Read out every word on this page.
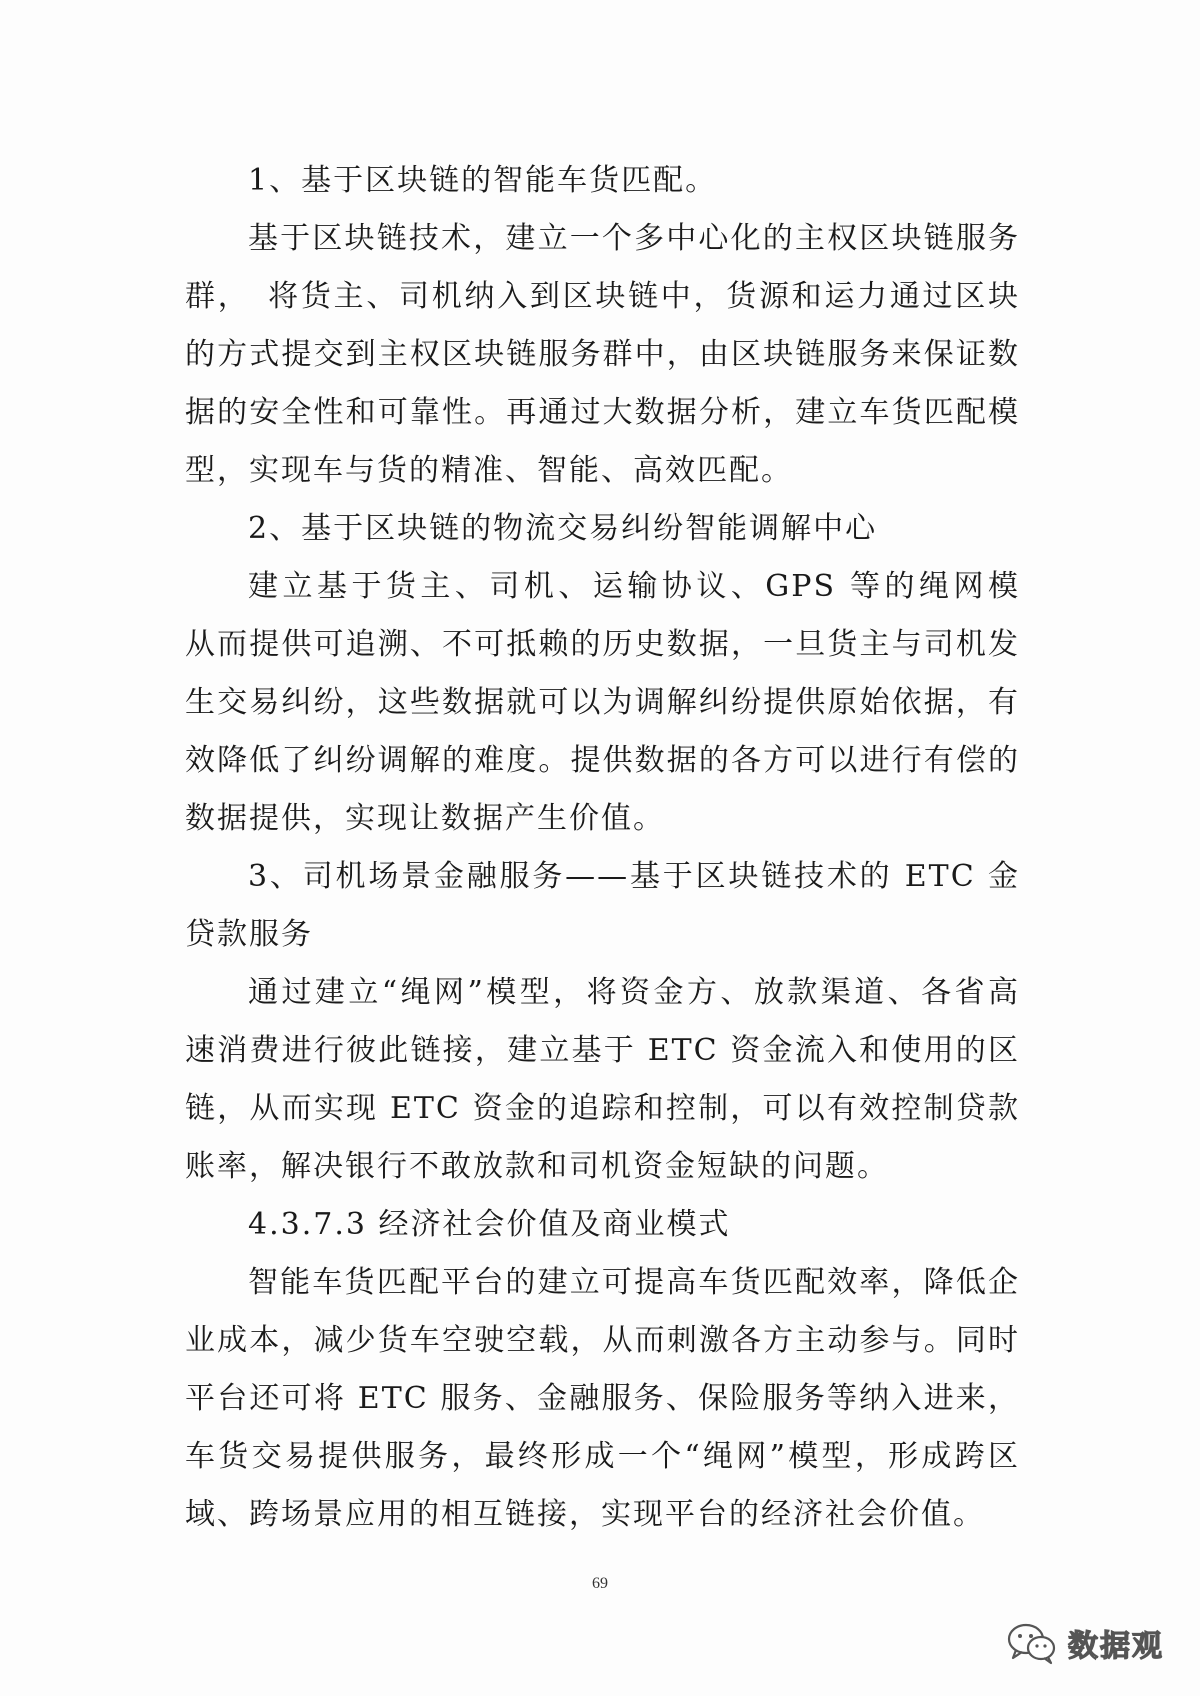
1、基于区块链的智能车货匹配。
基于区块链技术，建立一个多中心化的主权区块链服务
群，　将货主、司机纳入到区块链中，货源和运力通过区块
的方式提交到主权区块链服务群中，由区块链服务来保证数
据的安全性和可靠性。再通过大数据分析，建立车货匹配模
型，实现车与货的精准、智能、高效匹配。
2、基于区块链的物流交易纠纷智能调解中心
建立基于货主、司机、运输协议、GPS 等的绳网模
从而提供可追溯、不可抵赖的历史数据，一旦货主与司机发
生交易纠纷，这些数据就可以为调解纠纷提供原始依据，有
效降低了纠纷调解的难度。提供数据的各方可以进行有偿的
数据提供，实现让数据产生价值。
3、司机场景金融服务——基于区块链技术的 ETC 金
贷款服务
通过建立“绳网”模型，将资金方、放款渠道、各省高
速消费进行彼此链接，建立基于 ETC 资金流入和使用的区
链，从而实现 ETC 资金的追踪和控制，可以有效控制贷款
账率，解决银行不敢放款和司机资金短缺的问题。
4.3.7.3 经济社会价值及商业模式
智能车货匹配平台的建立可提高车货匹配效率，降低企
业成本，减少货车空驶空载，从而刺激各方主动参与。同时
平台还可将 ETC 服务、金融服务、保险服务等纳入进来，
车货交易提供服务，最终形成一个“绳网”模型，形成跨区
域、跨场景应用的相互链接，实现平台的经济社会价值。
69
数据观
